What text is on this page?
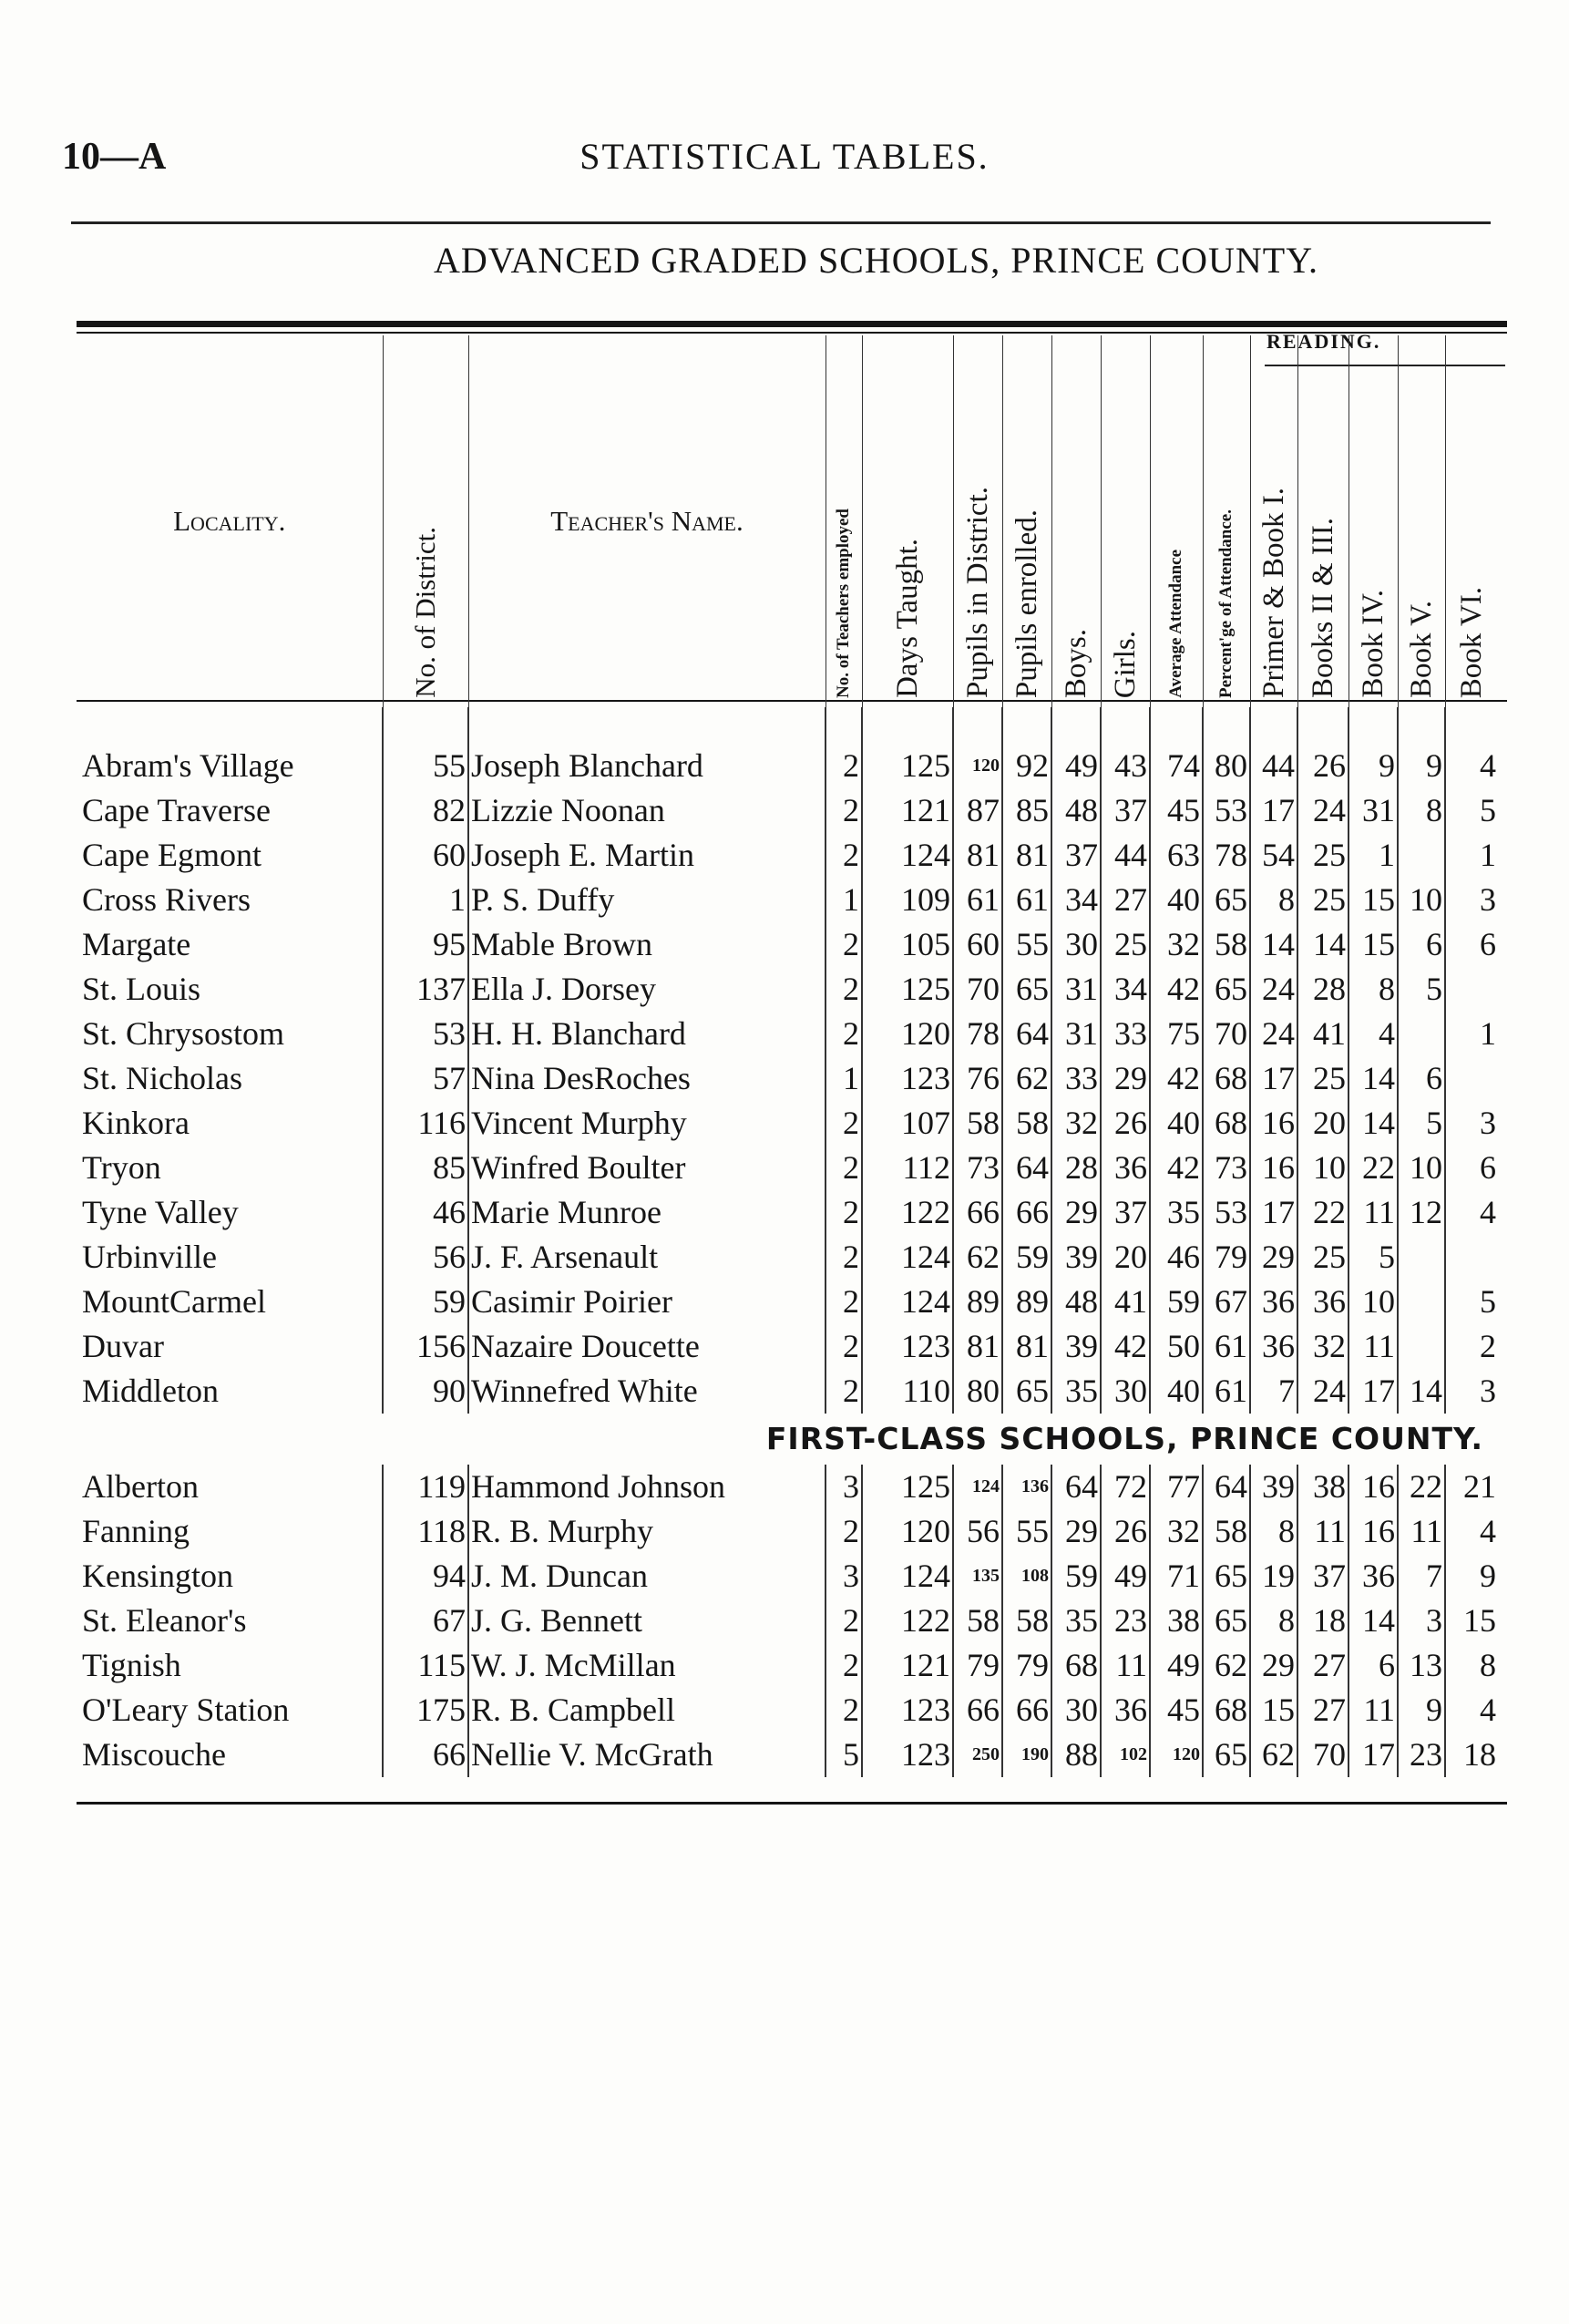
10—A	STATISTICAL TABLES.
ADVANCED GRADED SCHOOLS, PRINCE COUNTY.
READING.
Locality.	No. of District.	Teacher's Name.	No. of Teachers employed	Days Taught.	Pupils in District.	Pupils enrolled.	Boys.	Girls.	Average Attendance	Percent'ge of Attendance.	Primer & Book I.	Books II & III.	Book IV.	Book V.	Book VI.

Abram's Village	55	Joseph Blanchard	2	125	120	92	49	43	74	80	44	26	9	9	4
Cape Traverse	82	Lizzie Noonan	2	121	87	85	48	37	45	53	17	24	31	8	5
Cape Egmont	60	Joseph E. Martin	2	124	81	81	37	44	63	78	54	25	1		1
Cross Rivers	1	P. S. Duffy	1	109	61	61	34	27	40	65	8	25	15	10	3
Margate	95	Mable Brown	2	105	60	55	30	25	32	58	14	14	15	6	6
St. Louis	137	Ella J. Dorsey	2	125	70	65	31	34	42	65	24	28	8	5	
St. Chrysostom	53	H. H. Blanchard	2	120	78	64	31	33	75	70	24	41	4		1
St. Nicholas	57	Nina DesRoches	1	123	76	62	33	29	42	68	17	25	14	6	
Kinkora	116	Vincent Murphy	2	107	58	58	32	26	40	68	16	20	14	5	3
Tryon	85	Winfred Boulter	2	112	73	64	28	36	42	73	16	10	22	10	6
Tyne Valley	46	Marie Munroe	2	122	66	66	29	37	35	53	17	22	11	12	4
Urbinville	56	J. F. Arsenault	2	124	62	59	39	20	46	79	29	25	5		
MountCarmel	59	Casimir Poirier	2	124	89	89	48	41	59	67	36	36	10		5
Duvar	156	Nazaire Doucette	2	123	81	81	39	42	50	61	36	32	11		2
Middleton	90	Winnefred White	2	110	80	65	35	30	40	61	7	24	17	14	3
FIRST-CLASS SCHOOLS, PRINCE COUNTY.															
Alberton	119	Hammond Johnson	3	125	124	136	64	72	77	64	39	38	16	22	21
Fanning	118	R. B. Murphy	2	120	56	55	29	26	32	58	8	11	16	11	4
Kensington	94	J. M. Duncan	3	124	135	108	59	49	71	65	19	37	36	7	9
St. Eleanor's	67	J. G. Bennett	2	122	58	58	35	23	38	65	8	18	14	3	15
Tignish	115	W. J. McMillan	2	121	79	79	68	11	49	62	29	27	6	13	8
O'Leary Station	175	R. B. Campbell	2	123	66	66	30	36	45	68	15	27	11	9	4
Miscouche	66	Nellie V. McGrath	5	123	250	190	88	102	120	65	62	70	17	23	18
